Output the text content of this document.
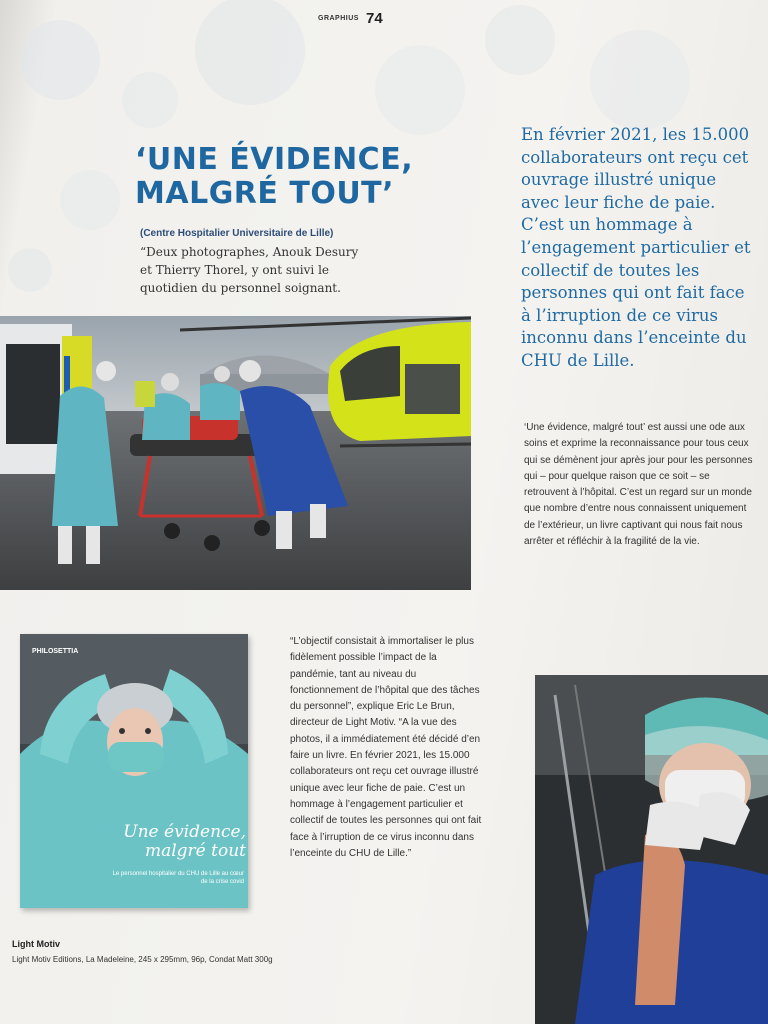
GRAPHIUS 74
‘UNE ÉVIDENCE,
MALGRÉ TOUT’
(Centre Hospitalier Universitaire de Lille)
“Deux photographes, Anouk Desury et Thierry Thorel, y ont suivi le quotidien du personnel soignant.
En février 2021, les 15.000 collaborateurs ont reçu cet ouvrage illustré unique avec leur fiche de paie. C’est un hommage à l’engagement particulier et collectif de toutes les personnes qui ont fait face à l’irruption de ce virus inconnu dans l’enceinte du CHU de Lille.
‘Une évidence, malgré tout’ est aussi une ode aux soins et exprime la reconnaissance pour tous ceux qui se démènent jour après jour pour les personnes qui – pour quelque raison que ce soit – se retrouvent à l’hôpital. C’est un regard sur un monde que nombre d’entre nous connaissent uniquement de l’extérieur, un livre captivant qui nous fait nous arrêter et réfléchir à la fragilité de la vie.
PHILOSETTIA
Une évidence,
malgré tout
Le personnel hospitalier du CHU de Lille au cœur de la crise covid
“L’objectif consistait à immortaliser le plus fidèlement possible l’impact de la pandémie, tant au niveau du fonctionnement de l’hôpital que des tâches du personnel”, explique Eric Le Brun, directeur de Light Motiv. “A la vue des photos, il a immédiatement été décidé d’en faire un livre. En février 2021, les 15.000 collaborateurs ont reçu cet ouvrage illustré unique avec leur fiche de paie. C’est un hommage à l’engagement particulier et collectif de toutes les personnes qui ont fait face à l’irruption de ce virus inconnu dans l’enceinte du CHU de Lille.”
Light Motiv
Light Motiv Editions, La Madeleine, 245 x 295mm, 96p, Condat Matt 300g
